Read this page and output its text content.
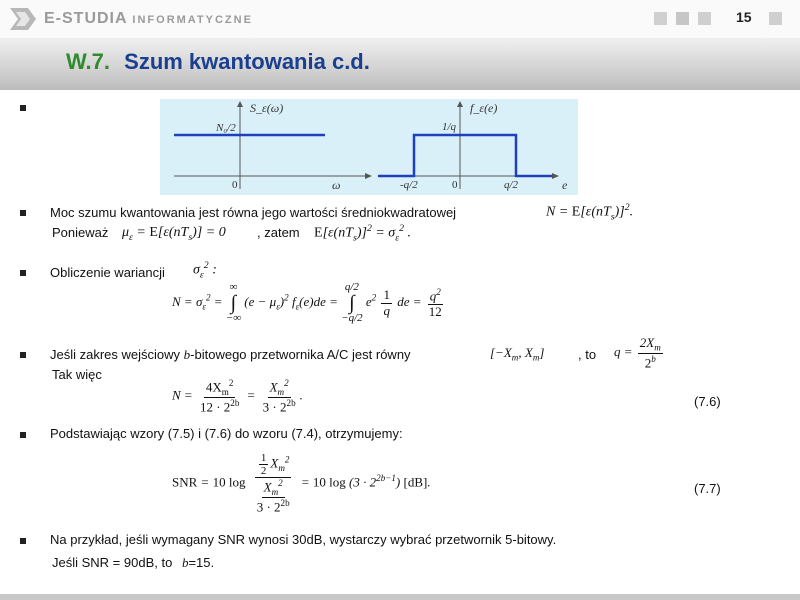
E-STUDIA INFORMATYCZNE	15
W.7. Szum kwantowania c.d.
S_ε(ω)
N₀/2
0	ω
f_ε(e)
1/q
-q/2	0	q/2	e
Moc szumu kwantowania jest równa jego wartości średniokwadratowej	$N = E[\varepsilon(nT_s)]^2$.
Ponieważ $\mu_\varepsilon = E[\varepsilon(nT_s)] = 0$ , zatem $E[\varepsilon(nT_s)]^2 = \sigma_\varepsilon^2$ .
Obliczenie wariancji $\sigma_\varepsilon^2$ :
$N = \sigma_\varepsilon^2$ = ∞
∫
−∞ $(e - \mu_\varepsilon)^2$ $f_\varepsilon(e)de = q/2$
∫
−q/2 $e^2 \frac{1}{q}$ de = $\frac{q^2}{12}$
Jeśli zakres wejściowy b-bitowego przetwornika A/C jest równy	[$-X_m$, $X_m$]	, to $q = \frac{2X_m}{2^b}$
Tak więc
$N = \frac{4X_m^2}{12 \cdot 2^{2b}} = \frac{X_m^2}{3 \cdot 2^{2b}}$ .	(7.6)
Podstawiając wzory (7.5) i (7.6) do wzoru (7.4), otrzymujemy:
SNR = 10 $\log \frac{\frac{1}{2} X_m^2}{\frac{X_m^2}{3 \cdot 2^{2b}}} = 10$ $\log (3 \cdot 2^{2b-1})$ [dB].	(7.7)
Na przykład, jeśli wymagany SNR wynosi 30dB, wystarczy wybrać przetwornik 5-bitowy.
Jeśli SNR = 90dB, to b=15.
